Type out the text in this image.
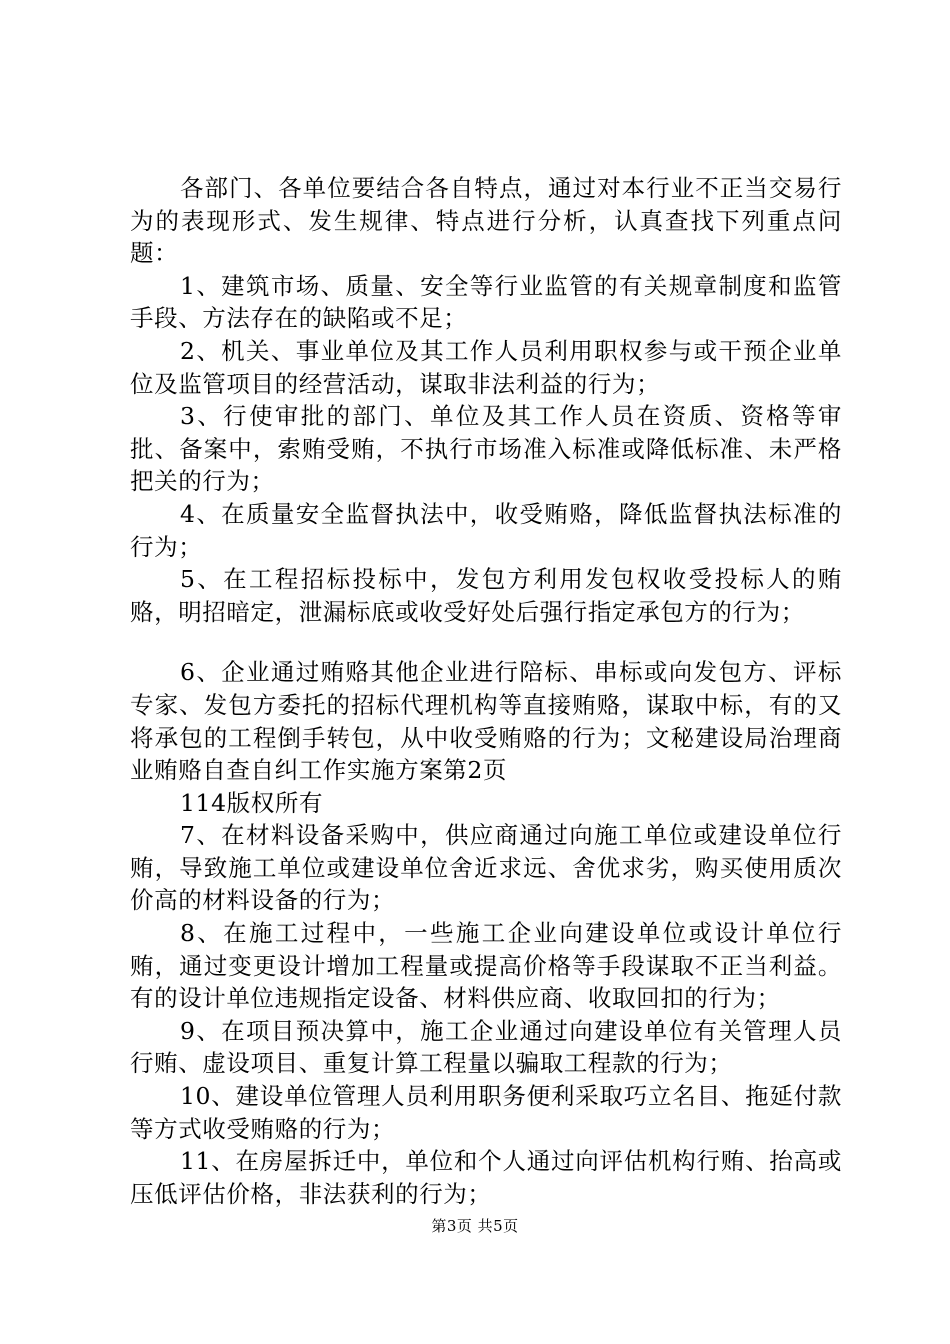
各部门、各单位要结合各自特点，通过对本行业不正当交易行为的表现形式、发生规律、特点进行分析，认真查找下列重点问题：

1、建筑市场、质量、安全等行业监管的有关规章制度和监管手段、方法存在的缺陷或不足；

2、机关、事业单位及其工作人员利用职权参与或干预企业单位及监管项目的经营活动，谋取非法利益的行为；

3、行使审批的部门、单位及其工作人员在资质、资格等审批、备案中，索贿受贿，不执行市场准入标准或降低标准、未严格把关的行为；

4、在质量安全监督执法中，收受贿赂，降低监督执法标准的行为；

5、在工程招标投标中，发包方利用发包权收受投标人的贿赂，明招暗定，泄漏标底或收受好处后强行指定承包方的行为；

6、企业通过贿赂其他企业进行陪标、串标或向发包方、评标专家、发包方委托的招标代理机构等直接贿赂，谋取中标，有的又将承包的工程倒手转包，从中收受贿赂的行为；文秘建设局治理商业贿赂自查自纠工作实施方案第2页

114版权所有

7、在材料设备采购中，供应商通过向施工单位或建设单位行贿，导致施工单位或建设单位舍近求远、舍优求劣，购买使用质次价高的材料设备的行为；

8、在施工过程中，一些施工企业向建设单位或设计单位行贿，通过变更设计增加工程量或提高价格等手段谋取不正当利益。有的设计单位违规指定设备、材料供应商、收取回扣的行为；

9、在项目预决算中，施工企业通过向建设单位有关管理人员行贿、虚设项目、重复计算工程量以骗取工程款的行为；

10、建设单位管理人员利用职务便利采取巧立名目、拖延付款等方式收受贿赂的行为；

11、在房屋拆迁中，单位和个人通过向评估机构行贿、抬高或压低评估价格，非法获利的行为；

第3页 共5页
